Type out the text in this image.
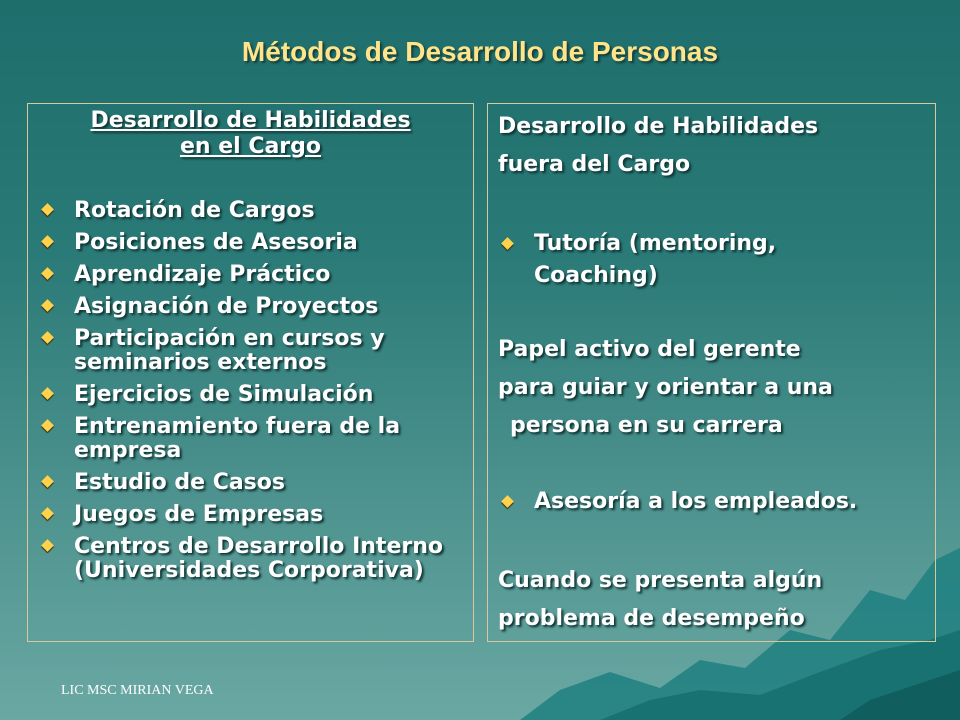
Métodos de Desarrollo de Personas
Desarrollo de Habilidades
en el Cargo
Rotación de Cargos
Posiciones de Asesoria
Aprendizaje Práctico
Asignación de Proyectos
Participación en cursos y seminarios externos
Ejercicios de Simulación
Entrenamiento fuera de la empresa
Estudio de Casos
Juegos de Empresas
Centros de Desarrollo Interno (Universidades Corporativa)
Desarrollo de Habilidades
fuera del Cargo
Tutoría (mentoring, Coaching)
Papel activo del gerente
para guiar y orientar a una
persona en su carrera
Asesoría a los empleados.
Cuando se presenta algún
problema de desempeño
LIC MSC MIRIAN VEGA
